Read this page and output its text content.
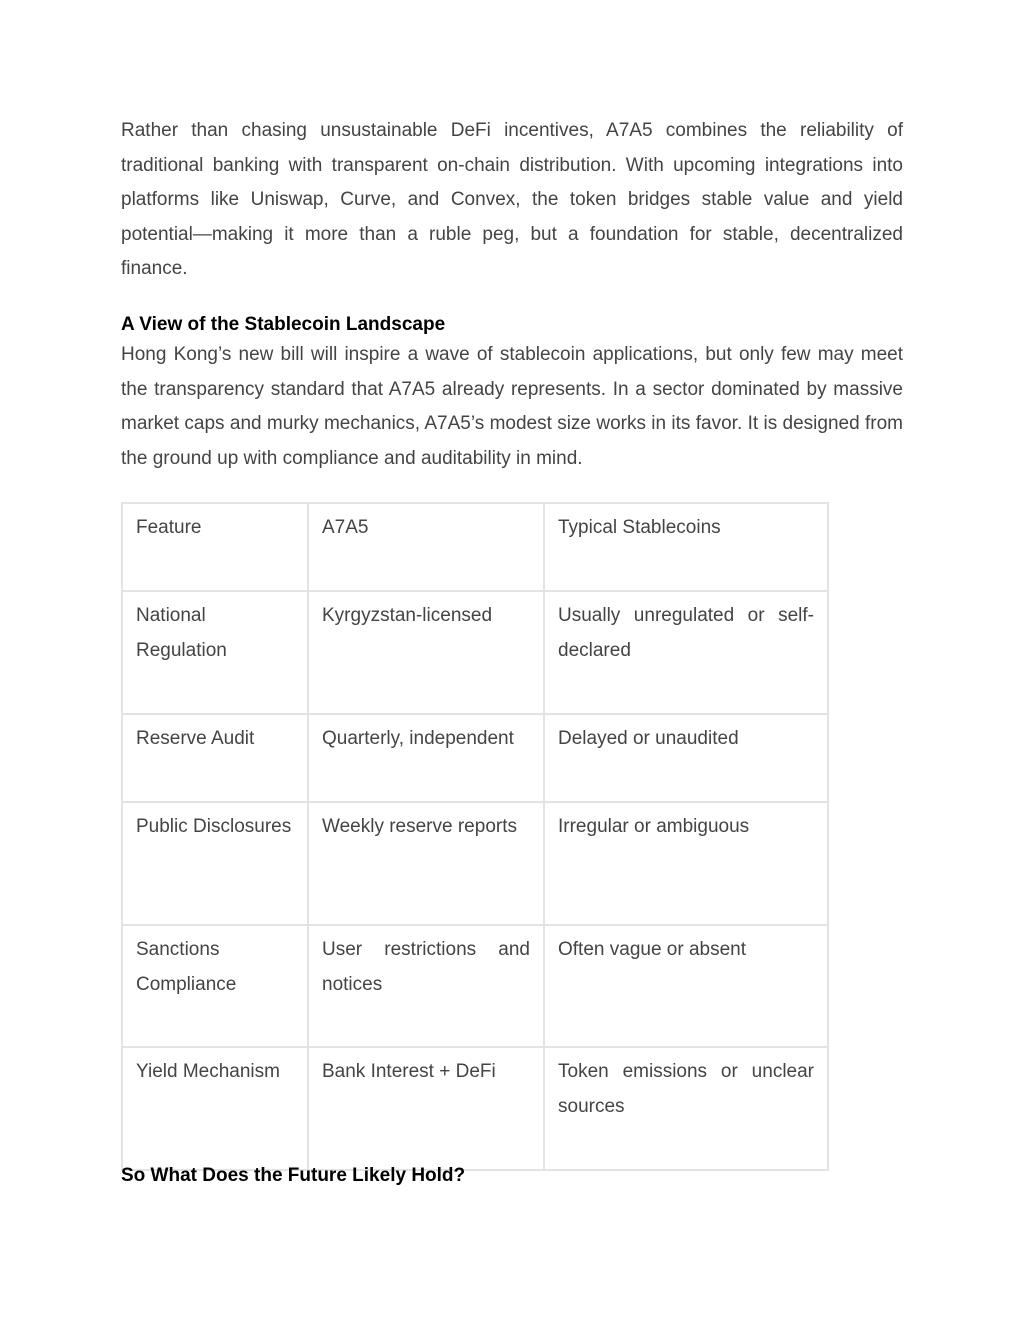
Rather than chasing unsustainable DeFi incentives, A7A5 combines the reliability of traditional banking with transparent on-chain distribution. With upcoming integrations into platforms like Uniswap, Curve, and Convex, the token bridges stable value and yield potential—making it more than a ruble peg, but a foundation for stable, decentralized finance.

A View of the Stablecoin Landscape

Hong Kong’s new bill will inspire a wave of stablecoin applications, but only few may meet the transparency standard that A7A5 already represents. In a sector dominated by massive market caps and murky mechanics, A7A5’s modest size works in its favor. It is designed from the ground up with compliance and auditability in mind.

Feature	A7A5	Typical Stablecoins
National Regulation	Kyrgyzstan-licensed	Usually unregulated or self-declared
Reserve Audit	Quarterly, independent	Delayed or unaudited
Public Disclosures	Weekly reserve reports	Irregular or ambiguous
Sanctions Compliance	User restrictions and notices	Often vague or absent
Yield Mechanism	Bank Interest + DeFi	Token emissions or unclear sources
So What Does the Future Likely Hold?
